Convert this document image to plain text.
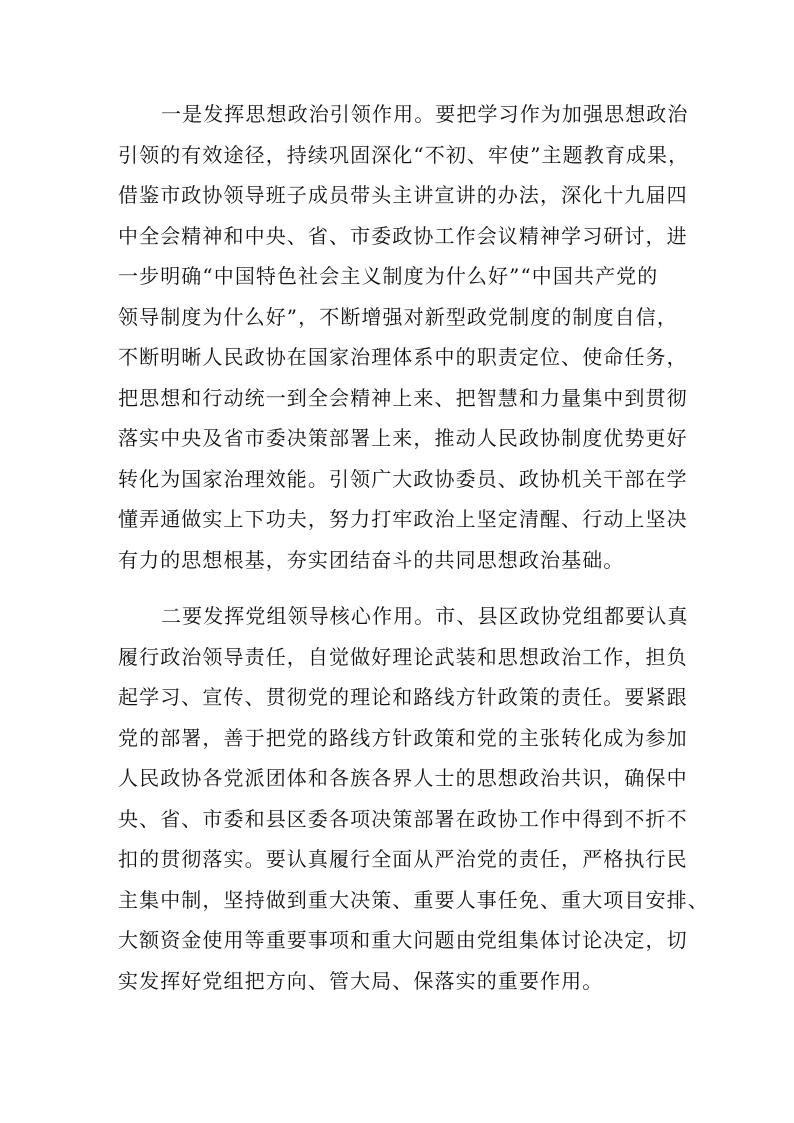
一是发挥思想政治引领作用。要把学习作为加强思想政治
引领的有效途径，持续巩固深化“不初、牢使”主题教育成果，
借鉴市政协领导班子成员带头主讲宣讲的办法，深化十九届四
中全会精神和中央、省、市委政协工作会议精神学习研讨，进
一步明确“中国特色社会主义制度为什么好”“中国共产党的
领导制度为什么好”，不断增强对新型政党制度的制度自信，
不断明晰人民政协在国家治理体系中的职责定位、使命任务，
把思想和行动统一到全会精神上来、把智慧和力量集中到贯彻
落实中央及省市委决策部署上来，推动人民政协制度优势更好
转化为国家治理效能。引领广大政协委员、政协机关干部在学
懂弄通做实上下功夫，努力打牢政治上坚定清醒、行动上坚决
有力的思想根基，夯实团结奋斗的共同思想政治基础。

二要发挥党组领导核心作用。市、县区政协党组都要认真
履行政治领导责任，自觉做好理论武装和思想政治工作，担负
起学习、宣传、贯彻党的理论和路线方针政策的责任。要紧跟
党的部署，善于把党的路线方针政策和党的主张转化成为参加
人民政协各党派团体和各族各界人士的思想政治共识，确保中
央、省、市委和县区委各项决策部署在政协工作中得到不折不
扣的贯彻落实。要认真履行全面从严治党的责任，严格执行民
主集中制，坚持做到重大决策、重要人事任免、重大项目安排、
大额资金使用等重要事项和重大问题由党组集体讨论决定，切
实发挥好党组把方向、管大局、保落实的重要作用。
